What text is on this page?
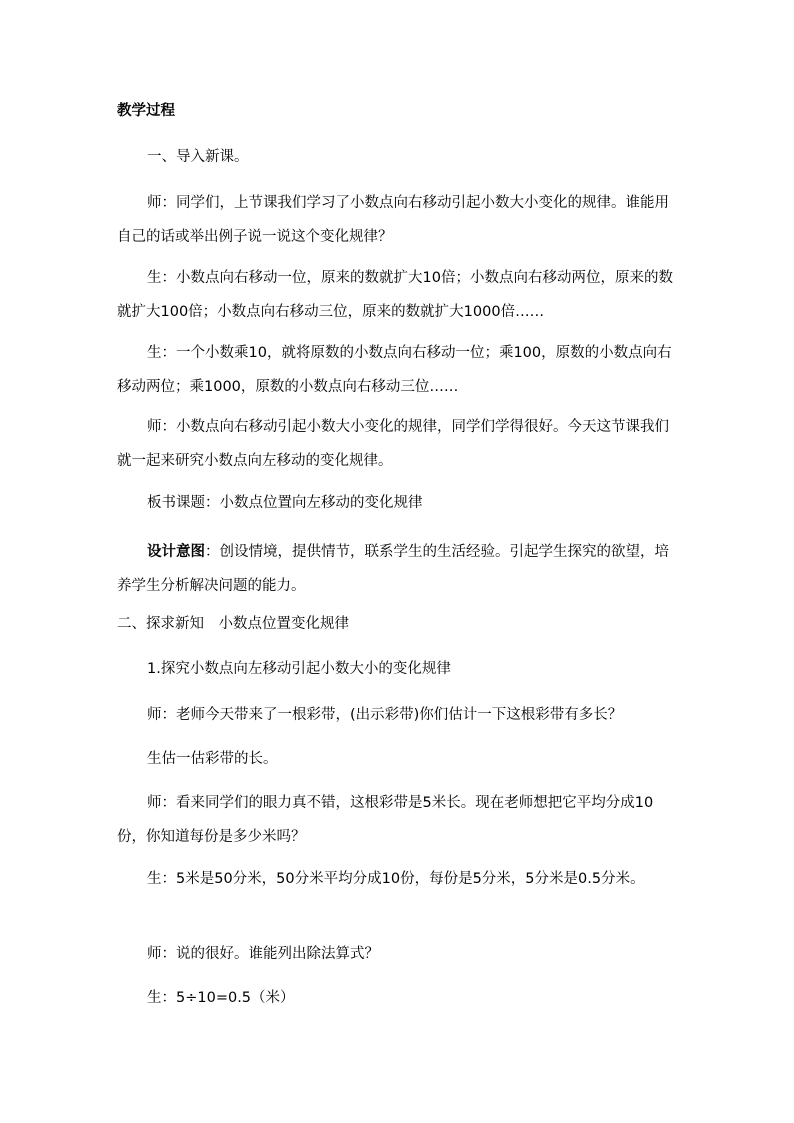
教学过程

一、导入新课。

师：同学们，上节课我们学习了小数点向右移动引起小数大小变化的规律。谁能用自己的话或举出例子说一说这个变化规律？

生：小数点向右移动一位，原来的数就扩大10倍；小数点向右移动两位，原来的数就扩大100倍；小数点向右移动三位，原来的数就扩大1000倍……

生：一个小数乘10，就将原数的小数点向右移动一位；乘100，原数的小数点向右移动两位；乘1000，原数的小数点向右移动三位……

师：小数点向右移动引起小数大小变化的规律，同学们学得很好。今天这节课我们就一起来研究小数点向左移动的变化规律。

板书课题：小数点位置向左移动的变化规律

设计意图：创设情境，提供情节，联系学生的生活经验。引起学生探究的欲望，培养学生分析解决问题的能力。

二、探求新知　小数点位置变化规律

1.探究小数点向左移动引起小数大小的变化规律

师：老师今天带来了一根彩带，(出示彩带)你们估计一下这根彩带有多长？

生估一估彩带的长。

师：看来同学们的眼力真不错，这根彩带是5米长。现在老师想把它平均分成10份，你知道每份是多少米吗？

生：5米是50分米，50分米平均分成10份，每份是5分米，5分米是0.5分米。

师：说的很好。谁能列出除法算式？

生：5÷10=0.5（米）
